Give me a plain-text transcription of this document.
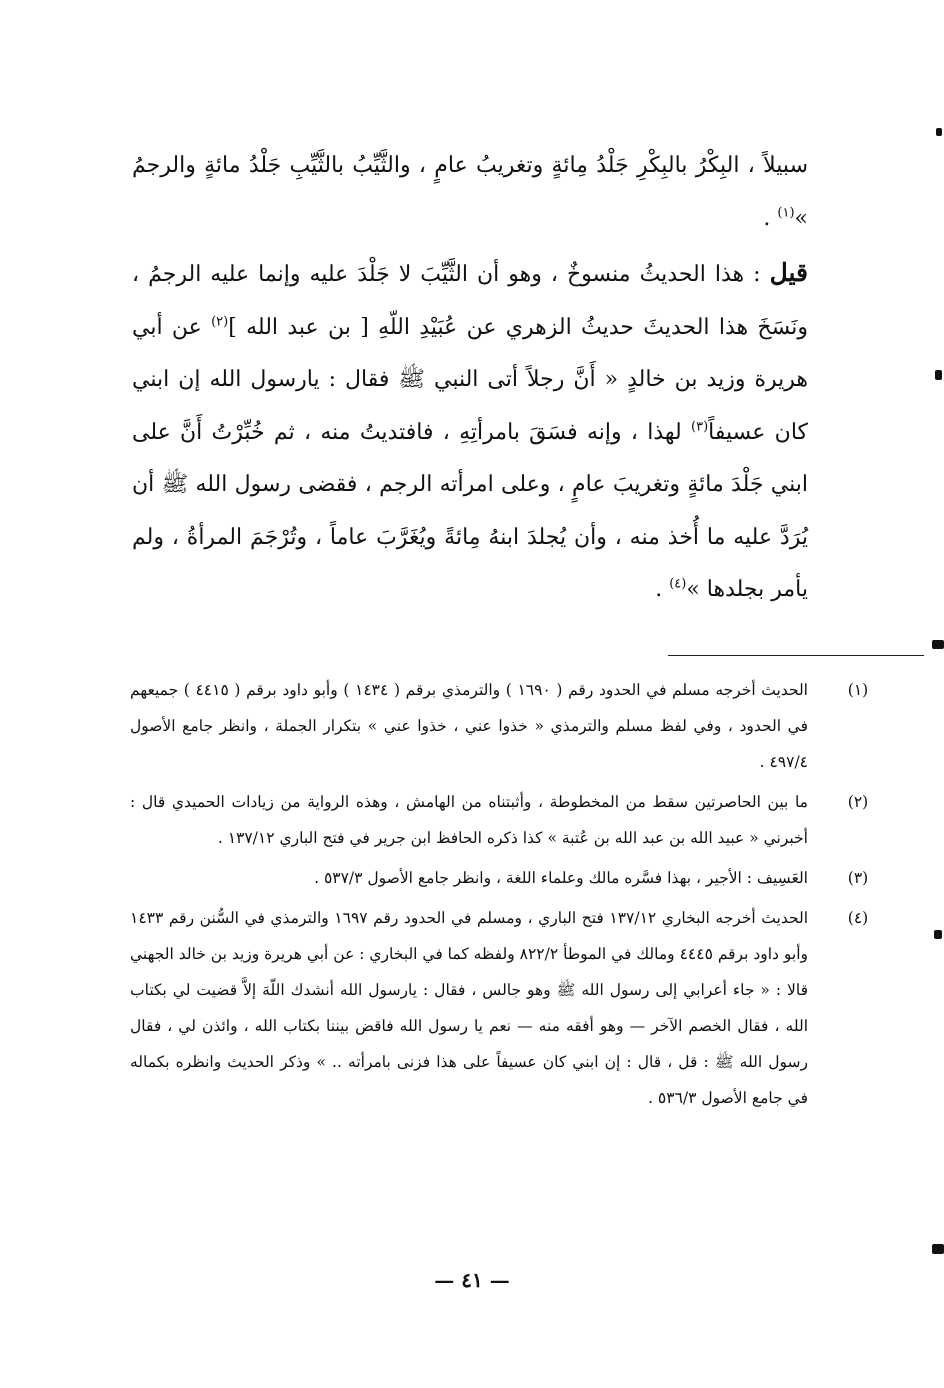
سبيلاً ، البِكْرُ بالبِكْرِ جَلْدُ مِائةٍ وتغريبُ عامٍ ، والثَّيِّبُ بالثَّيِّبِ جَلْدُ مائةٍ والرجمُ »$^{(١)}$ .

قيل : هذا الحديثُ منسوخٌ ، وهو أن الثَّيِّبَ لا جَلْدَ عليه وإنما عليه الرجمُ ، ونَسَخَ هذا الحديثَ حديثُ الزهري عن عُبَيْدِ اللّهِ [ بن عبد الله ]$^{(٢)}$ عن أبي هريرة وزيد بن خالدٍ « أَنَّ رجلاً أتى النبي ﷺ فقال : يارسول الله إن ابني كان عسيفاً$^{(٣)}$ لهذا ، وإنه فسَقَ بامرأتِهِ ، فافتديتُ منه ، ثم خُبِّرْتُ أَنَّ على ابني جَلْدَ مائةٍ وتغريبَ عامٍ ، وعلى امرأته الرجم ، فقضى رسول الله ﷺ أن يُرَدَّ عليه ما أُخذ منه ، وأن يُجلدَ ابنهُ مِائةً ويُغَرَّبَ عاماً ، وتُرْجَمَ المرأةُ ، ولم يأمر بجلدها »$^{(٤)}$ .

(١)
الحديث أخرجه مسلم في الحدود رقم ( ١٦٩٠ ) والترمذي برقم ( ١٤٣٤ ) وأبو داود برقم ( ٤٤١٥ ) جميعهم في الحدود ، وفي لفظ مسلم والترمذي « خذوا عني ، خذوا عني » بتكرار الجملة ، وانظر جامع الأصول ٤٩٧/٤ .
(٢)
ما بين الحاصرتين سقط من المخطوطة ، وأثبتناه من الهامش ، وهذه الرواية من زيادات الحميدي قال : أخبرني « عبيد الله بن عبد الله بن عُتبة » كذا ذكره الحافظ ابن جرير في فتح الباري ١٣٧/١٢ .
(٣)
العَسِيف : الأجير ، بهذا فسَّره مالك وعلماء اللغة ، وانظر جامع الأصول ٥٣٧/٣ .
(٤)
الحديث أخرجه البخاري ١٣٧/١٢ فتح الباري ، ومسلم في الحدود رقم ١٦٩٧ والترمذي في السُّنن رقم ١٤٣٣ وأبو داود برقم ٤٤٤٥ ومالك في الموطأ ٨٢٢/٢ ولفظه كما في البخاري : عن أبي هريرة وزيد بن خالد الجهني قالا : « جاء أعرابي إلى رسول الله ﷺ وهو جالس ، فقال : يارسول الله أنشدك اللّهَ إلاَّ قضيت لي بكتاب الله ، فقال الخصم الآخر — وهو أفقه منه — نعم يا رسول الله فاقض بيننا بكتاب الله ، وائذن لي ، فقال رسول الله ﷺ : قل ، قال : إن ابني كان عسيفاً على هذا فزنى بامرأته .. » وذكر الحديث وانظره بكماله في جامع الأصول ٥٣٦/٣ .
— ٤١ —
